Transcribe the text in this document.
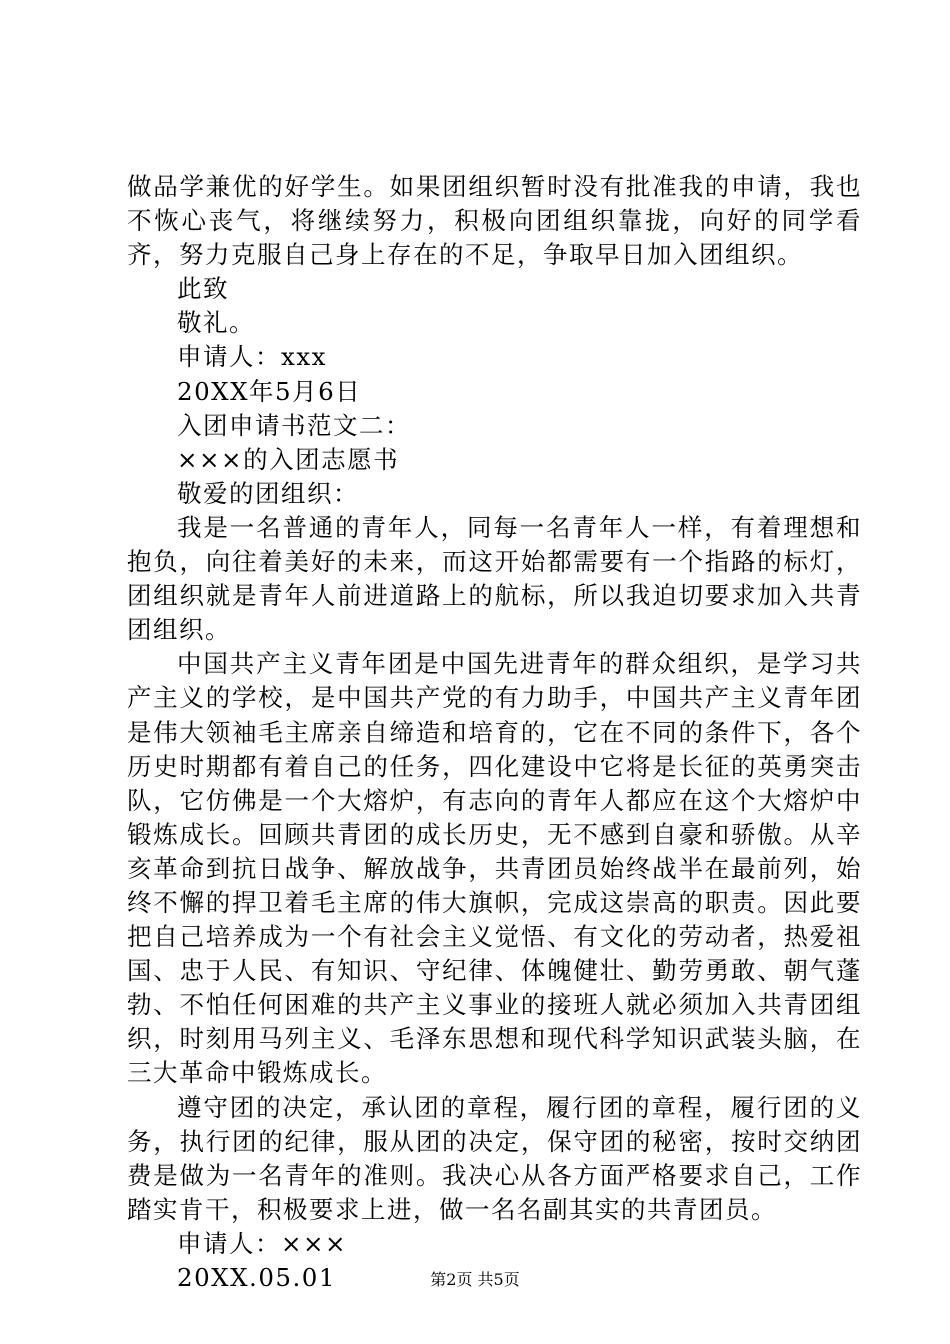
做品学兼优的好学生。如果团组织暂时没有批准我的申请，我也不恢心丧气，将继续努力，积极向团组织靠拢，向好的同学看齐，努力克服自己身上存在的不足，争取早日加入团组织。

此致

敬礼。

申请人：xxx

20XX年5月6日

入团申请书范文二：

×××的入团志愿书

敬爱的团组织：

我是一名普通的青年人，同每一名青年人一样，有着理想和抱负，向往着美好的未来，而这开始都需要有一个指路的标灯，团组织就是青年人前进道路上的航标，所以我迫切要求加入共青团组织。

中国共产主义青年团是中国先进青年的群众组织，是学习共产主义的学校，是中国共产党的有力助手，中国共产主义青年团是伟大领袖毛主席亲自缔造和培育的，它在不同的条件下，各个历史时期都有着自己的任务，四化建设中它将是长征的英勇突击队，它仿佛是一个大熔炉，有志向的青年人都应在这个大熔炉中锻炼成长。回顾共青团的成长历史，无不感到自豪和骄傲。从辛亥革命到抗日战争、解放战争，共青团员始终战半在最前列，始终不懈的捍卫着毛主席的伟大旗帜，完成这崇高的职责。因此要把自己培养成为一个有社会主义觉悟、有文化的劳动者，热爱祖国、忠于人民、有知识、守纪律、体魄健壮、勤劳勇敢、朝气蓬勃、不怕任何困难的共产主义事业的接班人就必须加入共青团组织，时刻用马列主义、毛泽东思想和现代科学知识武装头脑，在三大革命中锻炼成长。

遵守团的决定，承认团的章程，履行团的章程，履行团的义务，执行团的纪律，服从团的决定，保守团的秘密，按时交纳团费是做为一名青年的准则。我决心从各方面严格要求自己，工作踏实肯干，积极要求上进，做一名名副其实的共青团员。

申请人：×××

20XX.05.01	第2页 共5页
